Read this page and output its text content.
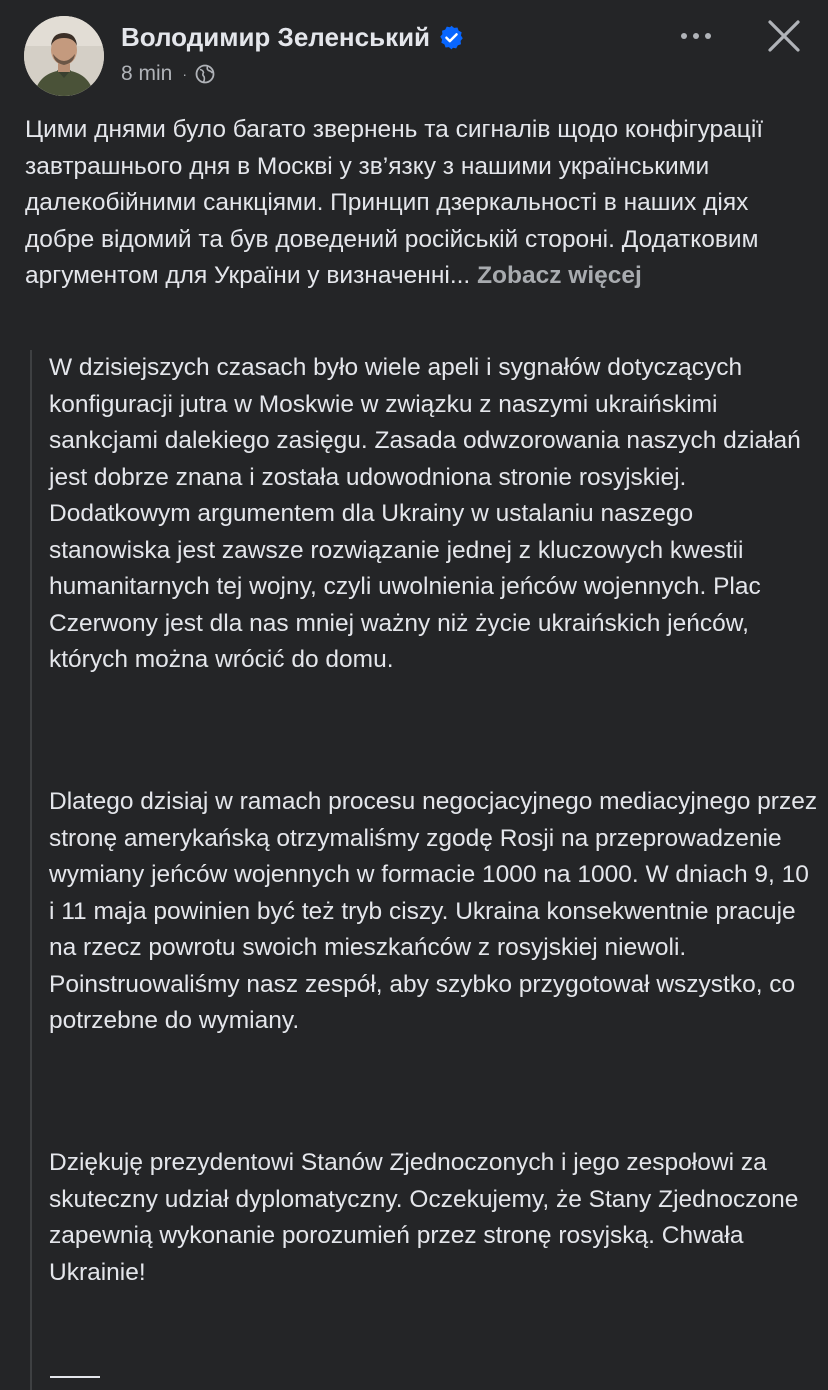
Володимир Зеленський
8 min ·
Цими днями було багато звернень та сигналів щодо конфігурації завтрашнього дня в Москві у зв’язку з нашими українськими далекобійними санкціями. Принцип дзеркальності в наших діях добре відомий та був доведений російській стороні. Додатковим аргументом для України у визначенні... Zobacz więcej
W dzisiejszych czasach było wiele apeli i sygnałów dotyczących konfiguracji jutra w Moskwie w związku z naszymi ukraińskimi sankcjami dalekiego zasięgu. Zasada odwzorowania naszych działań jest dobrze znana i została udowodniona stronie rosyjskiej. Dodatkowym argumentem dla Ukrainy w ustalaniu naszego stanowiska jest zawsze rozwiązanie jednej z kluczowych kwestii humanitarnych tej wojny, czyli uwolnienia jeńców wojennych. Plac Czerwony jest dla nas mniej ważny niż życie ukraińskich jeńców, których można wrócić do domu.
Dlatego dzisiaj w ramach procesu negocjacyjnego mediacyjnego przez stronę amerykańską otrzymaliśmy zgodę Rosji na przeprowadzenie wymiany jeńców wojennych w formacie 1000 na 1000. W dniach 9, 10 i 11 maja powinien być też tryb ciszy. Ukraina konsekwentnie pracuje na rzecz powrotu swoich mieszkańców z rosyjskiej niewoli. Poinstruowaliśmy nasz zespół, aby szybko przygotował wszystko, co potrzebne do wymiany.
Dziękuję prezydentowi Stanów Zjednoczonych i jego zespołowi za skuteczny udział dyplomatyczny. Oczekujemy, że Stany Zjednoczone zapewnią wykonanie porozumień przez stronę rosyjską. Chwała Ukrainie!
